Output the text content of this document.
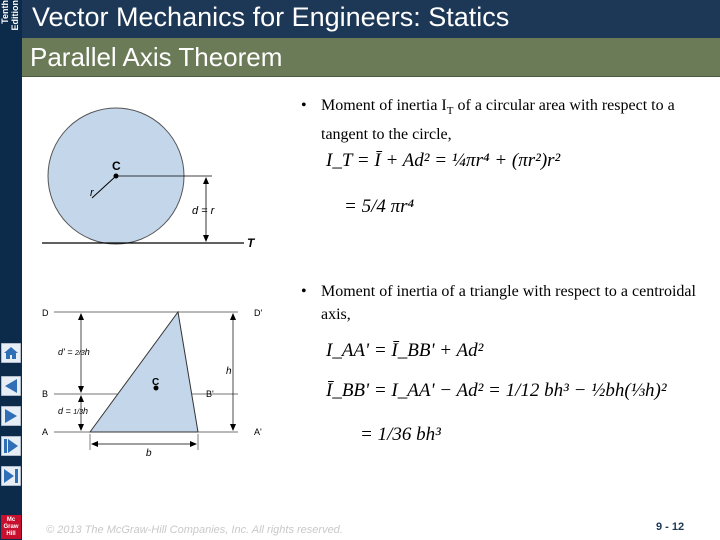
Tenth Edition
Mc Graw Hill
Vector Mechanics for Engineers: Statics
Parallel Axis Theorem
C
r
d = r
T
D	D'
B	B'
A	A'
C
h
b
d' = 2/3h
d = 1/3h
• Moment of inertia $I_T$ of a circular area with respect to a tangent to the circle,
I_T = Ī + Ad² = ¼πr⁴ + (πr²)r²
= 5/4 πr⁴
• Moment of inertia of a triangle with respect to a centroidal axis,
I_AA' = Ī_BB' + Ad²
Ī_BB' = I_AA' − Ad² = 1/12 bh³ − ½bh(⅓h)²
= 1/36 bh³
© 2013 The McGraw-Hill Companies, Inc. All rights reserved.	9 - 12
